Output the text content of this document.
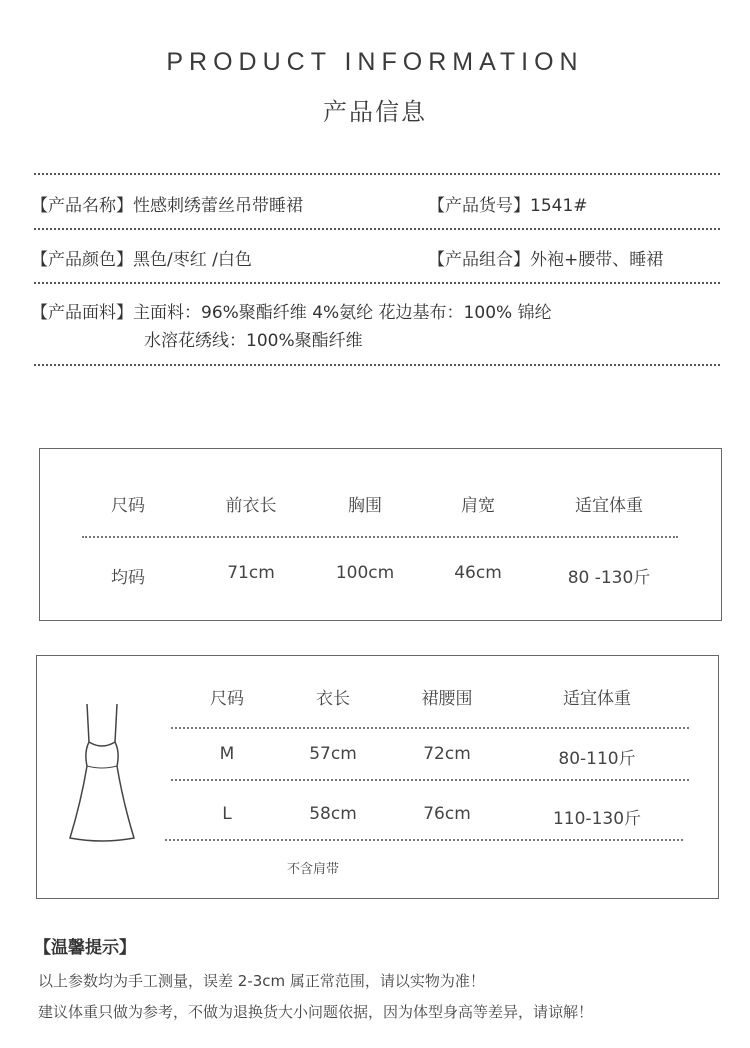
PRODUCT INFORMATION
产品信息
【产品名称】性感刺绣蕾丝吊带睡裙	【产品货号】1541#
【产品颜色】黑色/枣红 /白色	【产品组合】外袍+腰带、睡裙
【产品面料】主面料：96%聚酯纤维 4%氨纶 花边基布：100% 锦纶
水溶花绣线：100%聚酯纤维
尺码	前衣长	胸围	肩宽	适宜体重
均码	71cm	100cm	46cm	80 -130斤
尺码	衣长	裙腰围	适宜体重
M	57cm	72cm	80-110斤
L	58cm	76cm	110-130斤
不含肩带
【温馨提示】
以上参数均为手工测量，误差 2-3cm 属正常范围，请以实物为准！
建议体重只做为参考，不做为退换货大小问题依据，因为体型身高等差异，请谅解！
